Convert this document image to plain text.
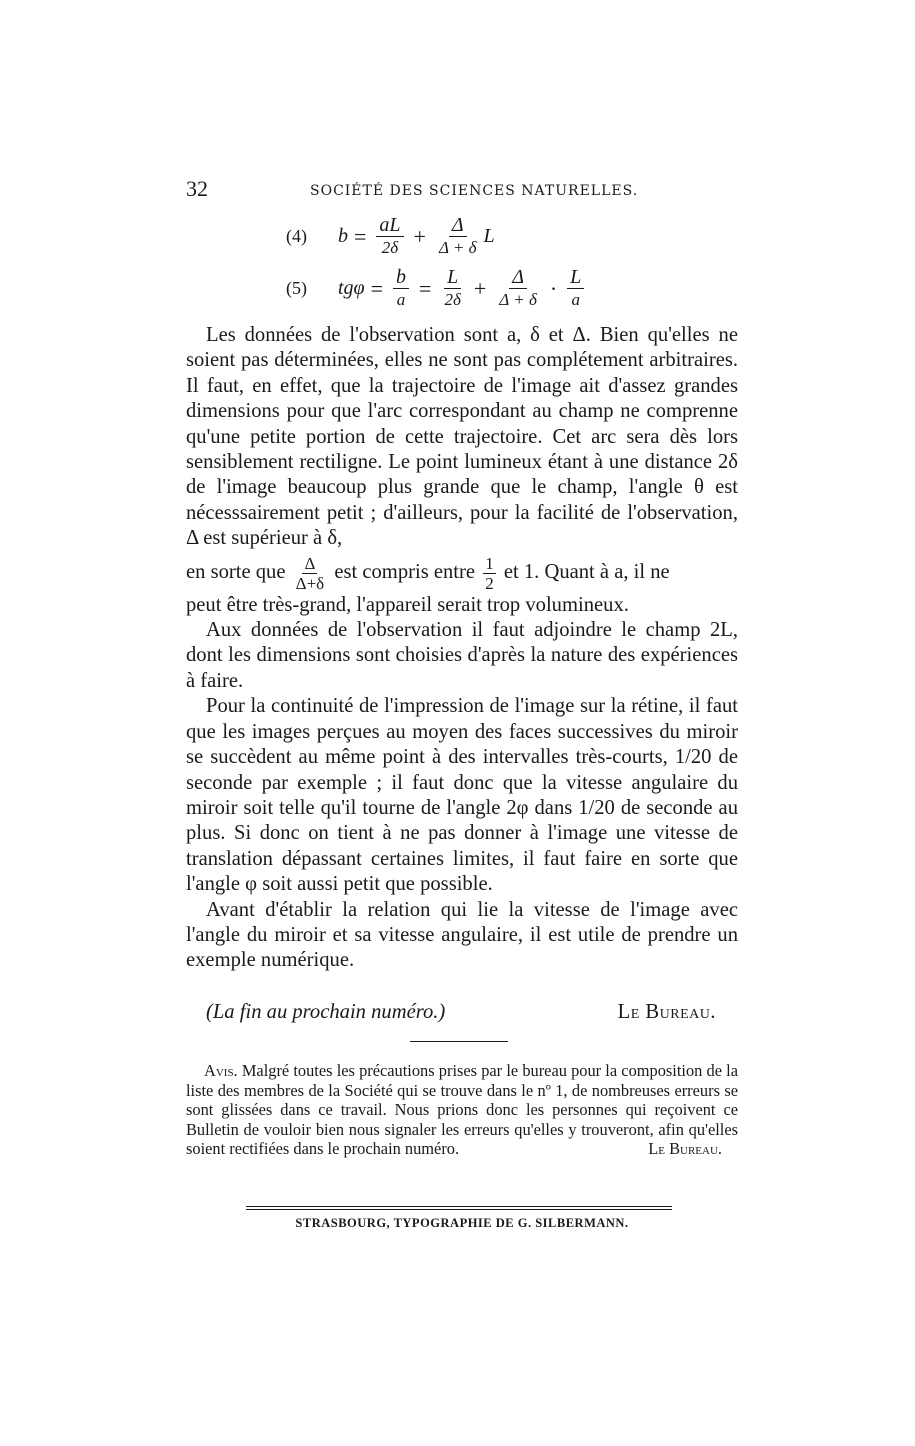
32	SOCIÉTÉ DES SCIENCES NATURELLES.
(4)	$b = \frac{aL}{2\delta} + \frac{\Delta}{\Delta + \delta}$ L
(5)	$tg\varphi = \frac{b}{a} = \frac{L}{2\delta} + \frac{\Delta}{\Delta + \delta} \cdot \frac{L}{a}$

Les données de l'observation sont a, δ et Δ. Bien qu'elles ne soient pas déterminées, elles ne sont pas complétement arbitraires. Il faut, en effet, que la trajectoire de l'image ait d'assez grandes dimensions pour que l'arc correspondant au champ ne comprenne qu'une petite portion de cette trajectoire. Cet arc sera dès lors sensiblement rectiligne. Le point lumineux étant à une distance 2δ de l'image beaucoup plus grande que le champ, l'angle θ est nécesssairement petit ; d'ailleurs, pour la facilité de l'observation, Δ est supérieur à δ,

en sorte que $\frac{\Delta}{\Delta+\delta}$ est compris entre $\frac{1}{2}$ et 1. Quant à a, il ne

peut être très-grand, l'appareil serait trop volumineux.

Aux données de l'observation il faut adjoindre le champ 2L, dont les dimensions sont choisies d'après la nature des expériences à faire.

Pour la continuité de l'impression de l'image sur la rétine, il faut que les images perçues au moyen des faces successives du miroir se succèdent au même point à des intervalles très-courts, 1/20 de seconde par exemple ; il faut donc que la vitesse angulaire du miroir soit telle qu'il tourne de l'angle 2φ dans 1/20 de seconde au plus. Si donc on tient à ne pas donner à l'image une vitesse de translation dépassant certaines limites, il faut faire en sorte que l'angle φ soit aussi petit que possible.

Avant d'établir la relation qui lie la vitesse de l'image avec l'angle du miroir et sa vitesse angulaire, il est utile de prendre un exemple numérique.

(La fin au prochain numéro.)	Le Bureau.

Avis. Malgré toutes les précautions prises par le bureau pour la composition de la liste des membres de la Société qui se trouve dans le nº 1, de nombreuses erreurs se sont glissées dans ce travail. Nous prions donc les personnes qui reçoivent ce Bulletin de vouloir bien nous signaler les erreurs qu'elles y trouveront, afin qu'elles soient rectifiées dans le prochain numéro.	Le Bureau.
STRASBOURG, TYPOGRAPHIE DE G. SILBERMANN.
